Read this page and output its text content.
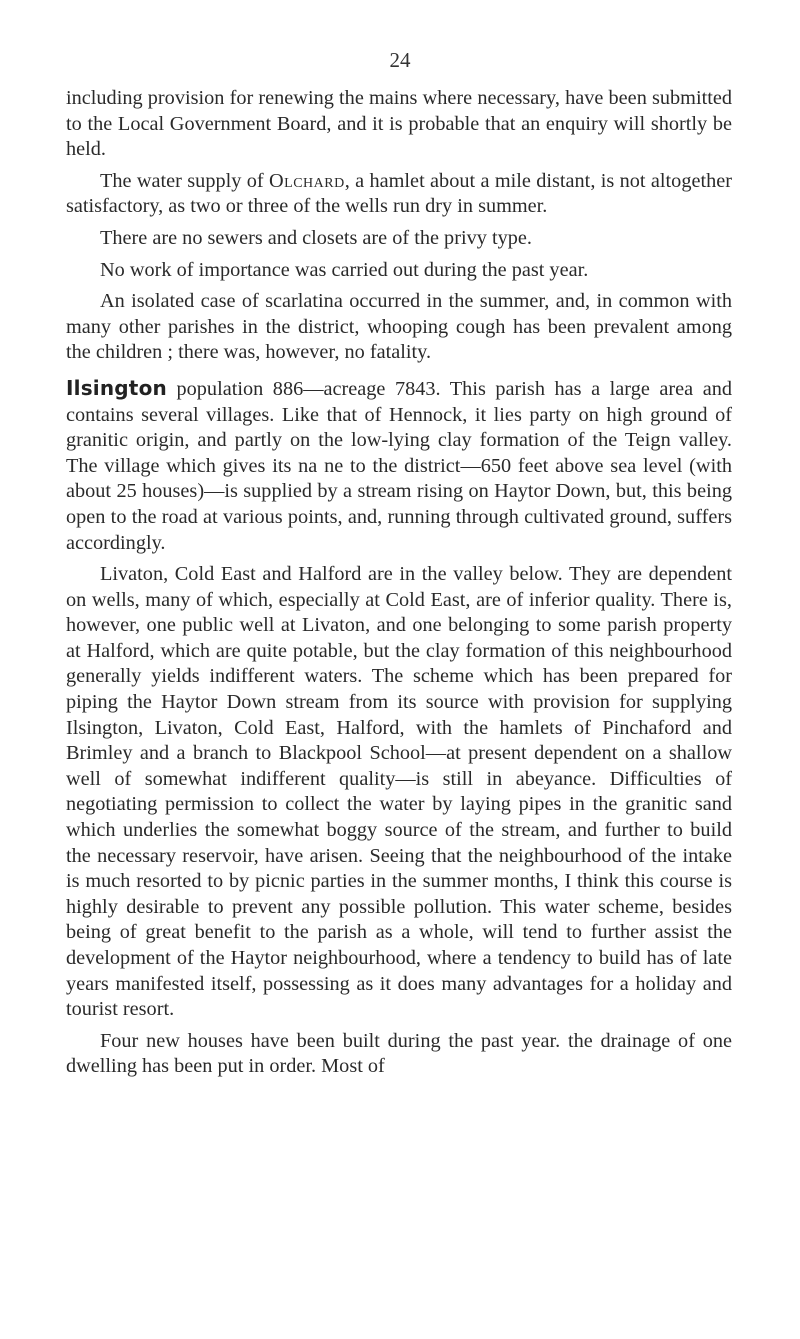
24

including provision for renewing the mains where necessary, have been submitted to the Local Government Board, and it is probable that an enquiry will shortly be held.

The water supply of Olchard, a hamlet about a mile distant, is not altogether satisfactory, as two or three of the wells run dry in summer.

There are no sewers and closets are of the privy type.

No work of importance was carried out during the past year.

An isolated case of scarlatina occurred in the summer, and, in common with many other parishes in the district, whooping cough has been prevalent among the children ; there was, however, no fatality.

Ilsington population 886—acreage 7843. This parish has a large area and contains several villages. Like that of Hennock, it lies party on high ground of granitic origin, and partly on the low-lying clay formation of the Teign valley. The village which gives its na ne to the district—650 feet above sea level (with about 25 houses)—is supplied by a stream rising on Haytor Down, but, this being open to the road at various points, and, running through cultivated ground, suffers accordingly.

Livaton, Cold East and Halford are in the valley below. They are dependent on wells, many of which, especially at Cold East, are of inferior quality. There is, however, one public well at Livaton, and one belonging to some parish property at Halford, which are quite potable, but the clay formation of this neighbourhood generally yields indifferent waters. The scheme which has been prepared for piping the Haytor Down stream from its source with provision for supplying Ilsington, Livaton, Cold East, Halford, with the hamlets of Pinchaford and Brimley and a branch to Blackpool School—at present dependent on a shallow well of somewhat indifferent quality—is still in abeyance. Difficulties of negotiating permission to collect the water by laying pipes in the granitic sand which underlies the somewhat boggy source of the stream, and further to build the necessary reservoir, have arisen. Seeing that the neighbourhood of the intake is much resorted to by picnic parties in the summer months, I think this course is highly desirable to prevent any possible pollution. This water scheme, besides being of great benefit to the parish as a whole, will tend to further assist the development of the Haytor neighbourhood, where a tendency to build has of late years manifested itself, possessing as it does many advantages for a holiday and tourist resort.

Four new houses have been built during the past year. the drainage of one dwelling has been put in order. Most of
